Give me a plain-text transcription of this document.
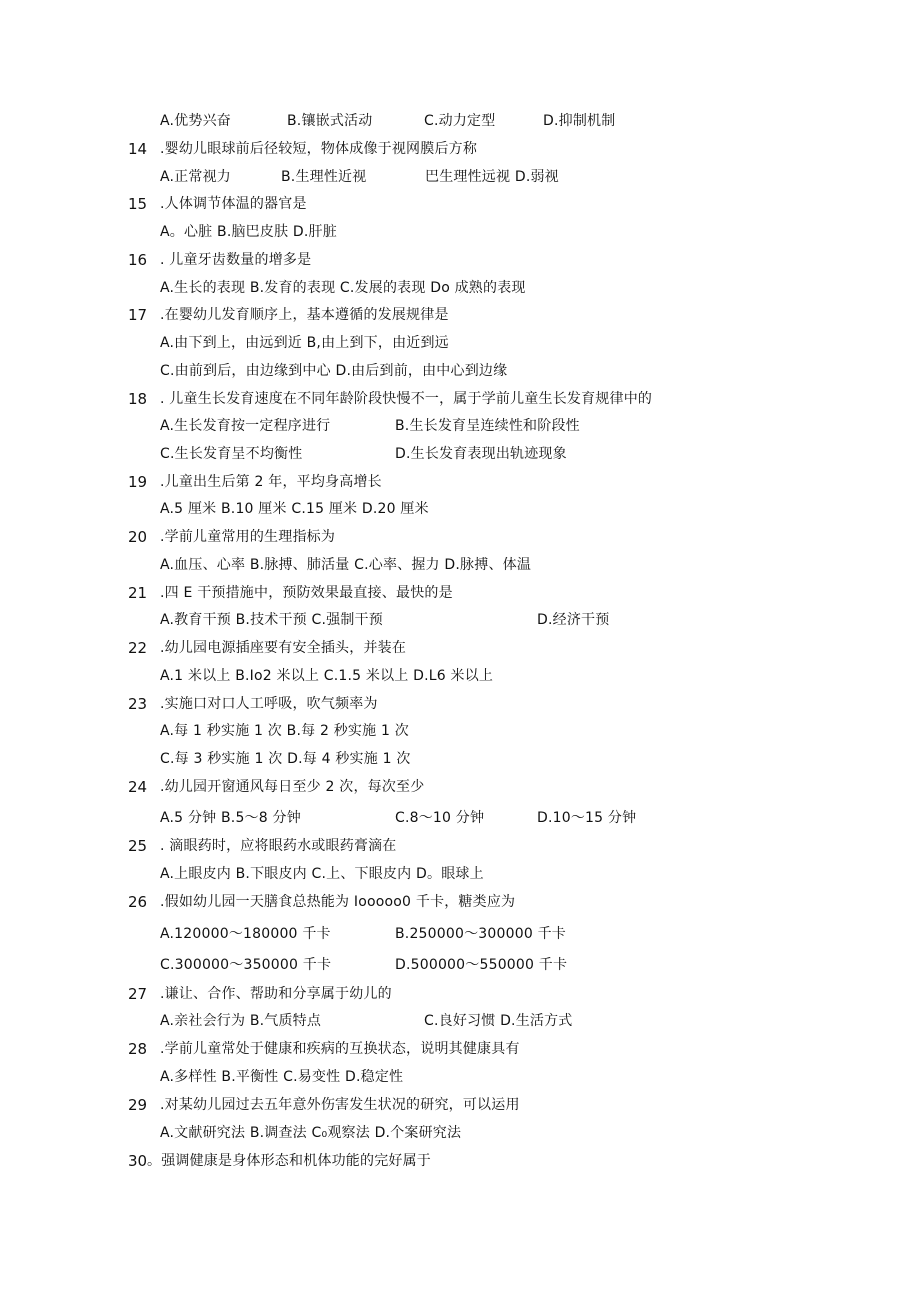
A.优势兴奋	B.镶嵌式活动	C.动力定型	D.抑制机制
14 .婴幼儿眼球前后径较短，物体成像于视网膜后方称
A.正常视力	B.生理性近视	巴生理性远视 D.弱视
15 .人体调节体温的器官是
A。心脏 B.脑巴皮肤 D.肝脏
16 . 儿童牙齿数量的增多是
A.生长的表现 B.发育的表现 C.发展的表现 Do 成熟的表现
17 .在婴幼儿发育顺序上，基本遵循的发展规律是
A.由下到上，由远到近 B,由上到下，由近到远
C.由前到后，由边缘到中心 D.由后到前，由中心到边缘
18 . 儿童生长发育速度在不同年龄阶段快慢不一，属于学前儿童生长发育规律中的
A.生长发育按一定程序进行	B.生长发育呈连续性和阶段性
C.生长发育呈不均衡性	D.生长发育表现出轨迹现象
19 .儿童出生后第 2 年，平均身高增长
A.5 厘米 B.10 厘米 C.15 厘米 D.20 厘米
20 .学前儿童常用的生理指标为
A.血压、心率 B.脉搏、肺活量 C.心率、握力 D.脉搏、体温
21 .四 E 干预措施中，预防效果最直接、最快的是
A.教育干预 B.技术干预 C.强制干预	D.经济干预
22 .幼儿园电源插座要有安全插头，并装在
A.1 米以上 B.Io2 米以上 C.1.5 米以上 D.L6 米以上
23 .实施口对口人工呼吸，吹气频率为
A.每 1 秒实施 1 次 B.每 2 秒实施 1 次
C.每 3 秒实施 1 次 D.每 4 秒实施 1 次
24 .幼儿园开窗通风每日至少 2 次，每次至少
A.5 分钟 B.5～8 分钟	C.8～10 分钟	D.10～15 分钟
25 . 滴眼药时，应将眼药水或眼药膏滴在
A.上眼皮内 B.下眼皮内 C.上、下眼皮内 D。眼球上
26 .假如幼儿园一天膳食总热能为 Iooooo0 千卡，糖类应为
A.120000～180000 千卡	B.250000～300000 千卡
C.300000～350000 千卡	D.500000～550000 千卡
27 .谦让、合作、帮助和分享属于幼儿的
A.亲社会行为 B.气质特点	C.良好习惯 D.生活方式
28 .学前儿童常处于健康和疾病的互换状态，说明其健康具有
A.多样性 B.平衡性 C.易变性 D.稳定性
29 .对某幼儿园过去五年意外伤害发生状况的研究，可以运用
A.文献研究法 B.调查法 C₀观察法 D.个案研究法
30 。强调健康是身体形态和机体功能的完好属于
